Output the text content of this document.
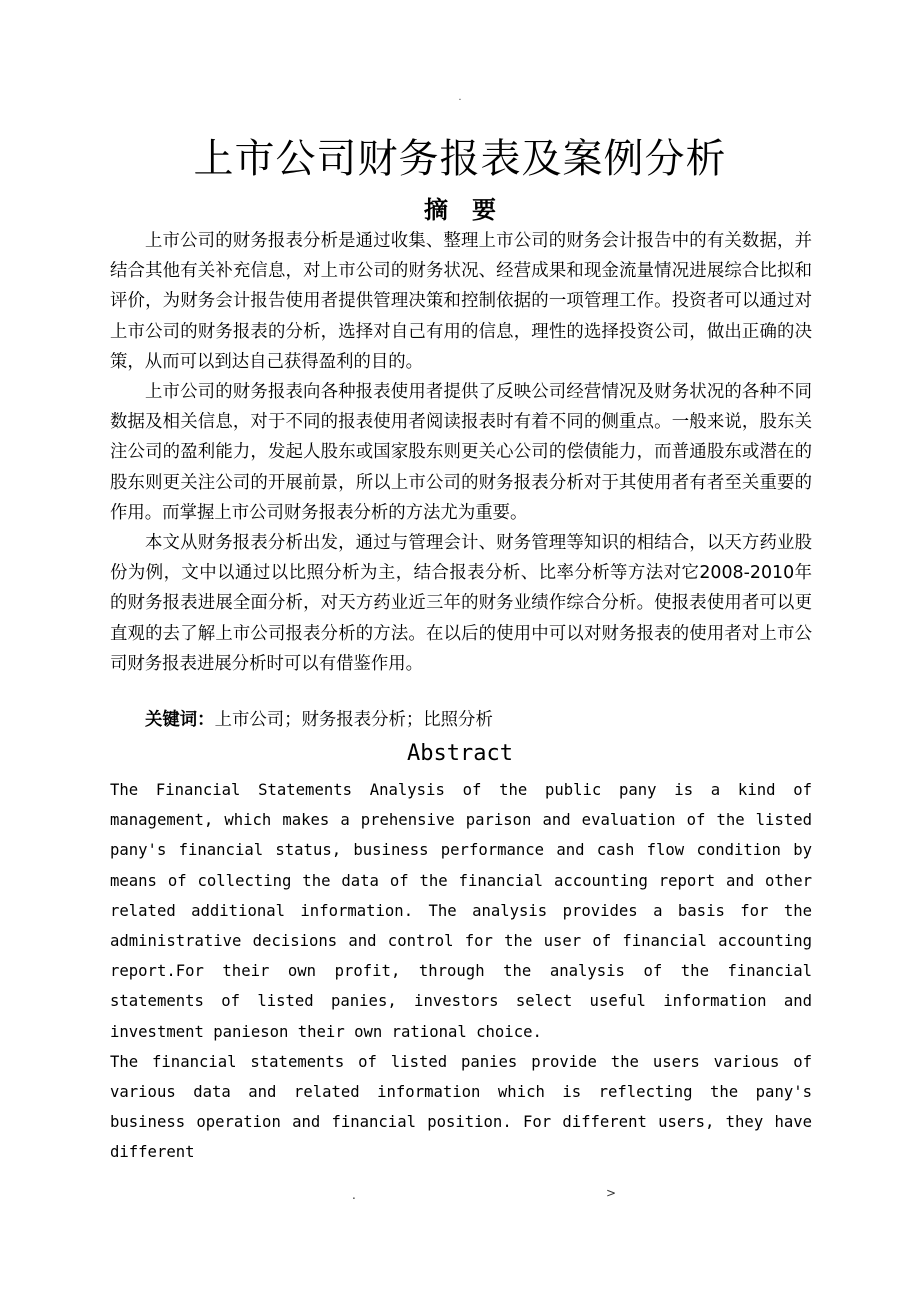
.
上市公司财务报表及案例分析
摘 要

上市公司的财务报表分析是通过收集、整理上市公司的财务会计报告中的有关数据，并结合其他有关补充信息，对上市公司的财务状况、经营成果和现金流量情况进展综合比拟和评价，为财务会计报告使用者提供管理决策和控制依据的一项管理工作。投资者可以通过对上市公司的财务报表的分析，选择对自己有用的信息，理性的选择投资公司，做出正确的决策，从而可以到达自己获得盈利的目的。

上市公司的财务报表向各种报表使用者提供了反映公司经营情况及财务状况的各种不同数据及相关信息，对于不同的报表使用者阅读报表时有着不同的侧重点。一般来说，股东关注公司的盈利能力，发起人股东或国家股东则更关心公司的偿债能力，而普通股东或潜在的股东则更关注公司的开展前景，所以上市公司的财务报表分析对于其使用者有者至关重要的作用。而掌握上市公司财务报表分析的方法尤为重要。

本文从财务报表分析出发，通过与管理会计、财务管理等知识的相结合，以天方药业股份为例，文中以通过以比照分析为主，结合报表分析、比率分析等方法对它2008-2010年的财务报表进展全面分析，对天方药业近三年的财务业绩作综合分析。使报表使用者可以更直观的去了解上市公司报表分析的方法。在以后的使用中可以对财务报表的使用者对上市公司财务报表进展分析时可以有借鉴作用。

关键词：上市公司；财务报表分析；比照分析
Abstract

The Financial Statements Analysis of the public pany is a kind of management, which makes a prehensive parison and evaluation of the listed pany's financial status, business performance and cash flow condition by means of collecting the data of the financial accounting report and other related additional information. The analysis provides a basis for the administrative decisions and control for the user of financial accounting report.For their own profit, through the analysis of the financial statements of listed panies, investors select useful information and investment panieson their own rational choice.

The financial statements of listed panies provide the users various of various data and related information which is reflecting the pany's business operation and financial position. For different users, they have different

.	>
